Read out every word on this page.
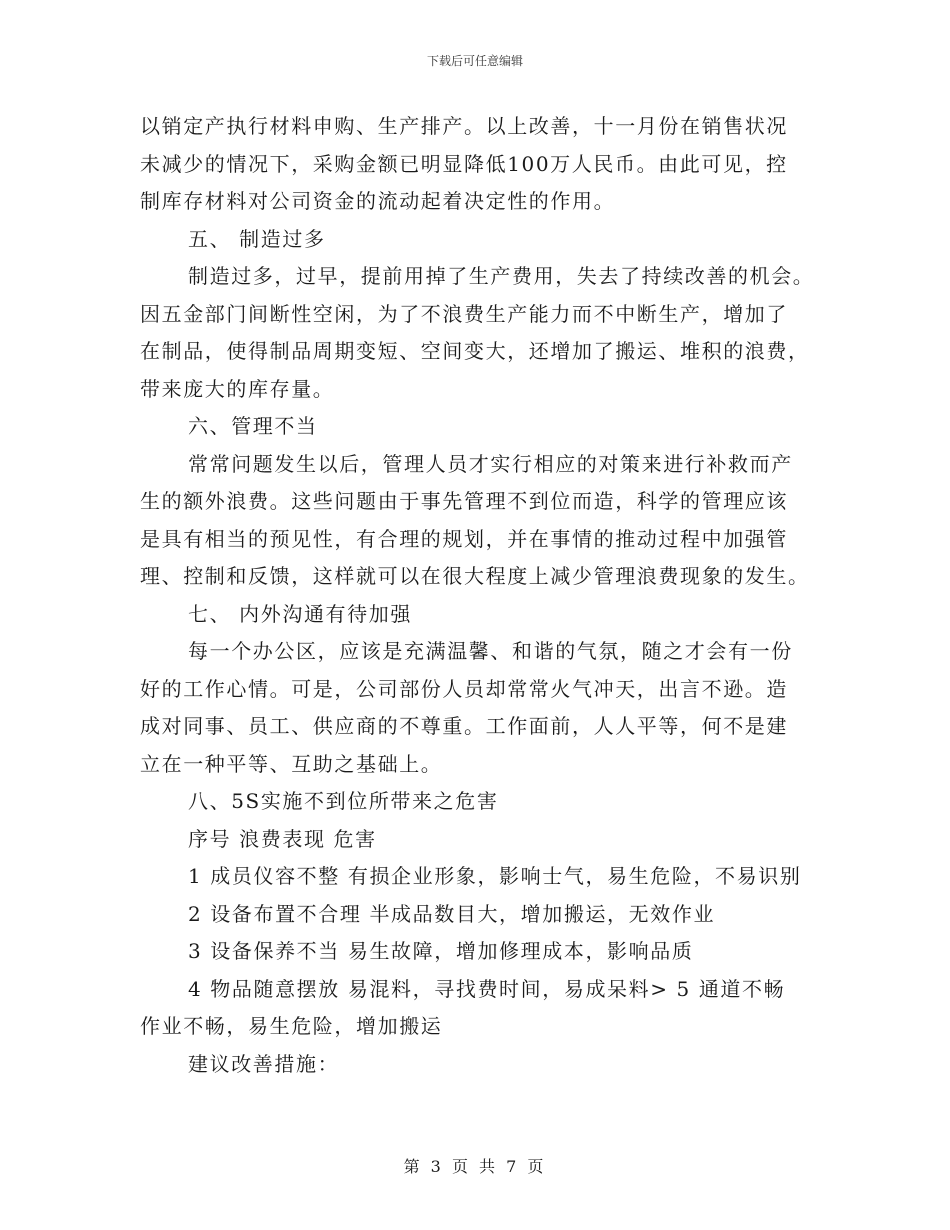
下载后可任意编辑
以销定产执行材料申购、生产排产。以上改善，十一月份在销售状况
未减少的情况下，采购金额已明显降低100万人民币。由此可见，控
制库存材料对公司资金的流动起着决定性的作用。
五、 制造过多
制造过多，过早，提前用掉了生产费用，失去了持续改善的机会。
因五金部门间断性空闲，为了不浪费生产能力而不中断生产，增加了
在制品，使得制品周期变短、空间变大，还增加了搬运、堆积的浪费，
带来庞大的库存量。
六、管理不当
常常问题发生以后，管理人员才实行相应的对策来进行补救而产
生的额外浪费。这些问题由于事先管理不到位而造，科学的管理应该
是具有相当的预见性，有合理的规划，并在事情的推动过程中加强管
理、控制和反馈，这样就可以在很大程度上减少管理浪费现象的发生。
七、 内外沟通有待加强
每一个办公区，应该是充满温馨、和谐的气氛，随之才会有一份
好的工作心情。可是，公司部份人员却常常火气冲天，出言不逊。造
成对同事、员工、供应商的不尊重。工作面前，人人平等，何不是建
立在一种平等、互助之基础上。
八、5S实施不到位所带来之危害
序号 浪费表现 危害
1 成员仪容不整 有损企业形象，影响士气，易生危险，不易识别
2 设备布置不合理 半成品数目大，增加搬运，无效作业
3 设备保养不当 易生故障，增加修理成本，影响品质
4 物品随意摆放 易混料，寻找费时间，易成呆料> 5 通道不畅
作业不畅，易生危险，增加搬运
建议改善措施：
第 3 页 共 7 页
